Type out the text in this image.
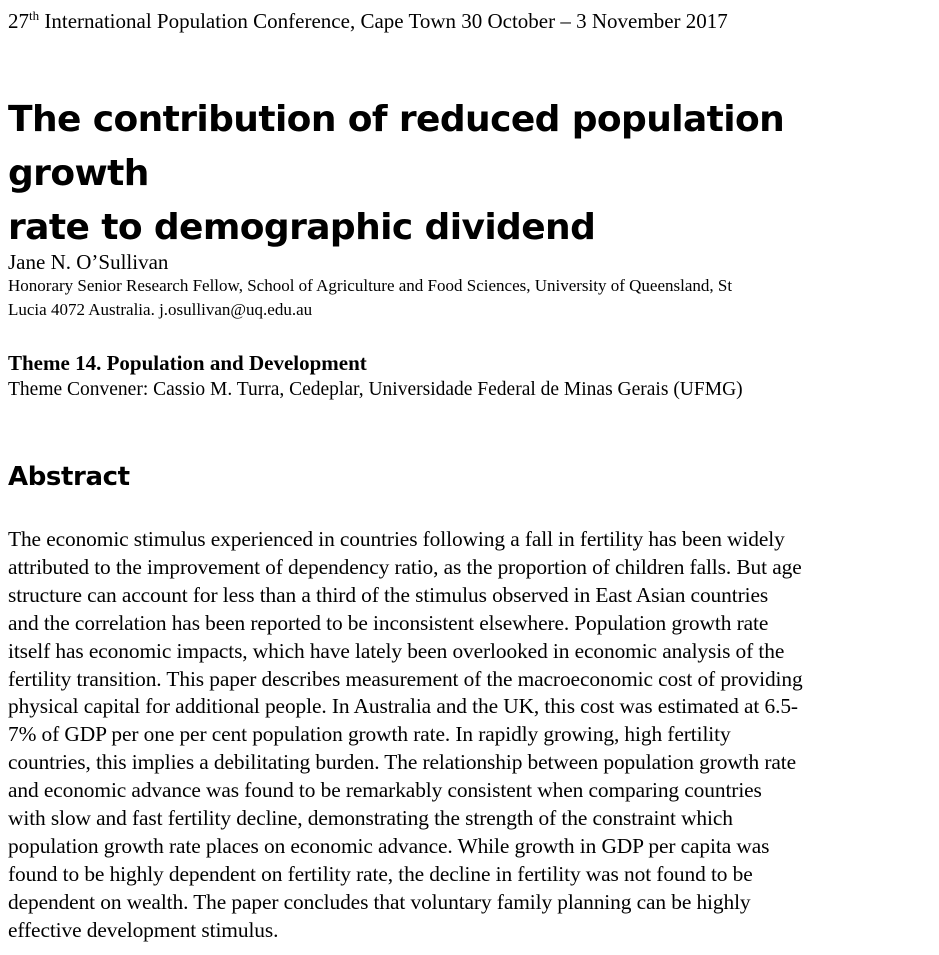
27th International Population Conference, Cape Town 30 October – 3 November 2017
The contribution of reduced population growth
rate to demographic dividend
Jane N. O’Sullivan
Honorary Senior Research Fellow, School of Agriculture and Food Sciences, University of Queensland, St
Lucia 4072 Australia. j.osullivan@uq.edu.au
Theme 14. Population and Development
Theme Convener: Cassio M. Turra, Cedeplar, Universidade Federal de Minas Gerais (UFMG)
Abstract

The economic stimulus experienced in countries following a fall in fertility has been widely
attributed to the improvement of dependency ratio, as the proportion of children falls. But age
structure can account for less than a third of the stimulus observed in East Asian countries
and the correlation has been reported to be inconsistent elsewhere. Population growth rate
itself has economic impacts, which have lately been overlooked in economic analysis of the
fertility transition. This paper describes measurement of the macroeconomic cost of providing
physical capital for additional people. In Australia and the UK, this cost was estimated at 6.5-
7% of GDP per one per cent population growth rate. In rapidly growing, high fertility
countries, this implies a debilitating burden. The relationship between population growth rate
and economic advance was found to be remarkably consistent when comparing countries
with slow and fast fertility decline, demonstrating the strength of the constraint which
population growth rate places on economic advance. While growth in GDP per capita was
found to be highly dependent on fertility rate, the decline in fertility was not found to be
dependent on wealth. The paper concludes that voluntary family planning can be highly
effective development stimulus.
